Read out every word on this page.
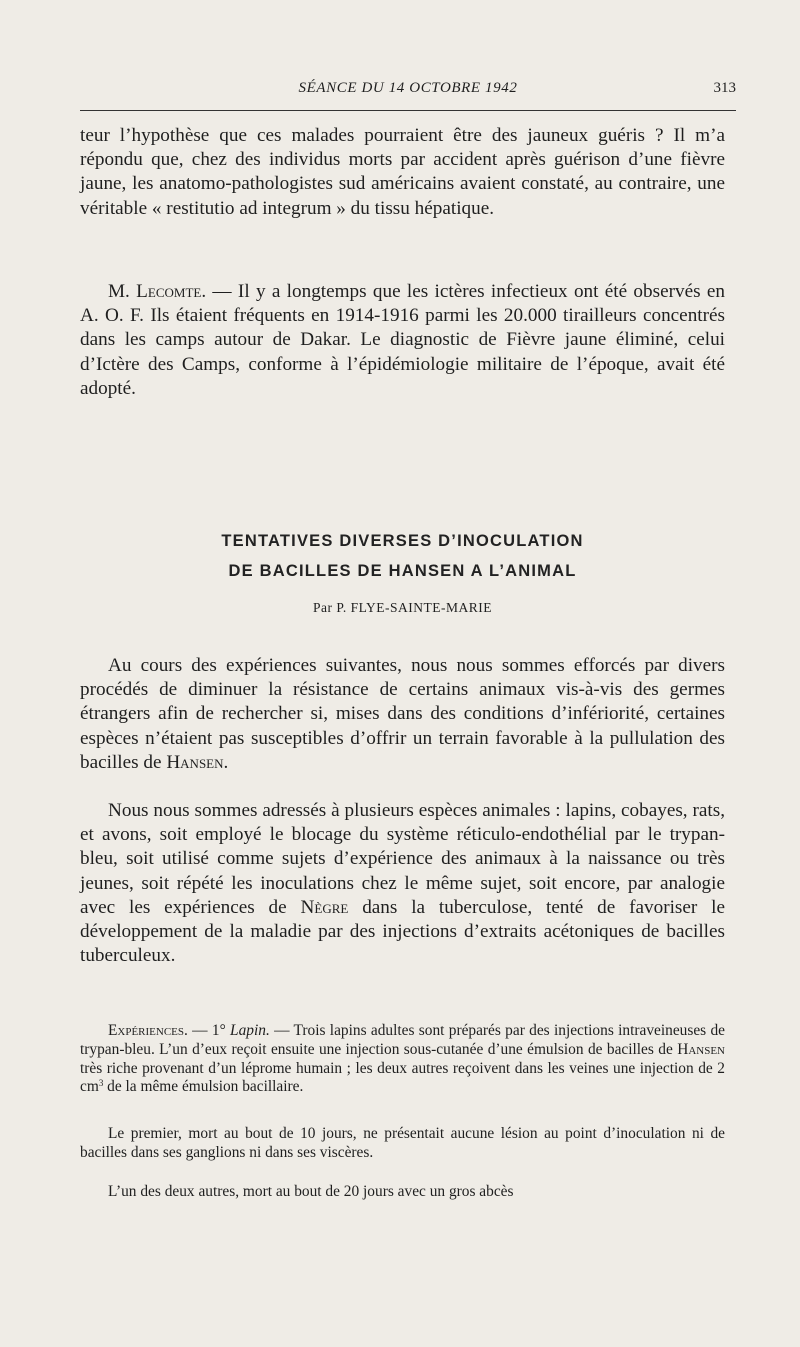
SÉANCE DU 14 OCTOBRE 1942	313

teur l’hypothèse que ces malades pourraient être des jauneux guéris ? Il m’a répondu que, chez des individus morts par accident après guérison d’une fièvre jaune, les anatomo-pathologistes sud américains avaient constaté, au contraire, une véritable « restitutio ad integrum » du tissu hépatique.

M. Lecomte. — Il y a longtemps que les ictères infectieux ont été observés en A. O. F. Ils étaient fréquents en 1914-1916 parmi les 20.000 tirailleurs concentrés dans les camps autour de Dakar. Le diagnostic de Fièvre jaune éliminé, celui d’Ictère des Camps, conforme à l’épidémiologie militaire de l’époque, avait été adopté.

TENTATIVES DIVERSES D’INOCULATION
DE BACILLES DE HANSEN A L’ANIMAL
Par P. FLYE-SAINTE-MARIE

Au cours des expériences suivantes, nous nous sommes efforcés par divers procédés de diminuer la résistance de certains animaux vis-à-vis des germes étrangers afin de rechercher si, mises dans des conditions d’infériorité, certaines espèces n’étaient pas susceptibles d’offrir un terrain favorable à la pullulation des bacilles de Hansen.

Nous nous sommes adressés à plusieurs espèces animales : lapins, cobayes, rats, et avons, soit employé le blocage du système réticulo-endothélial par le trypan-bleu, soit utilisé comme sujets d’expérience des animaux à la naissance ou très jeunes, soit répété les inoculations chez le même sujet, soit encore, par analogie avec les expériences de Nègre dans la tuberculose, tenté de favoriser le développement de la maladie par des injections d’extraits acétoniques de bacilles tuberculeux.

Expériences. — 1° Lapin. — Trois lapins adultes sont préparés par des injections intraveineuses de trypan-bleu. L’un d’eux reçoit ensuite une injection sous-cutanée d’une émulsion de bacilles de Hansen très riche provenant d’un léprome humain ; les deux autres reçoivent dans les veines une injection de 2 $cm^3$ de la même émulsion bacillaire.

Le premier, mort au bout de 10 jours, ne présentait aucune lésion au point d’inoculation ni de bacilles dans ses ganglions ni dans ses viscères.

L’un des deux autres, mort au bout de 20 jours avec un gros abcès
